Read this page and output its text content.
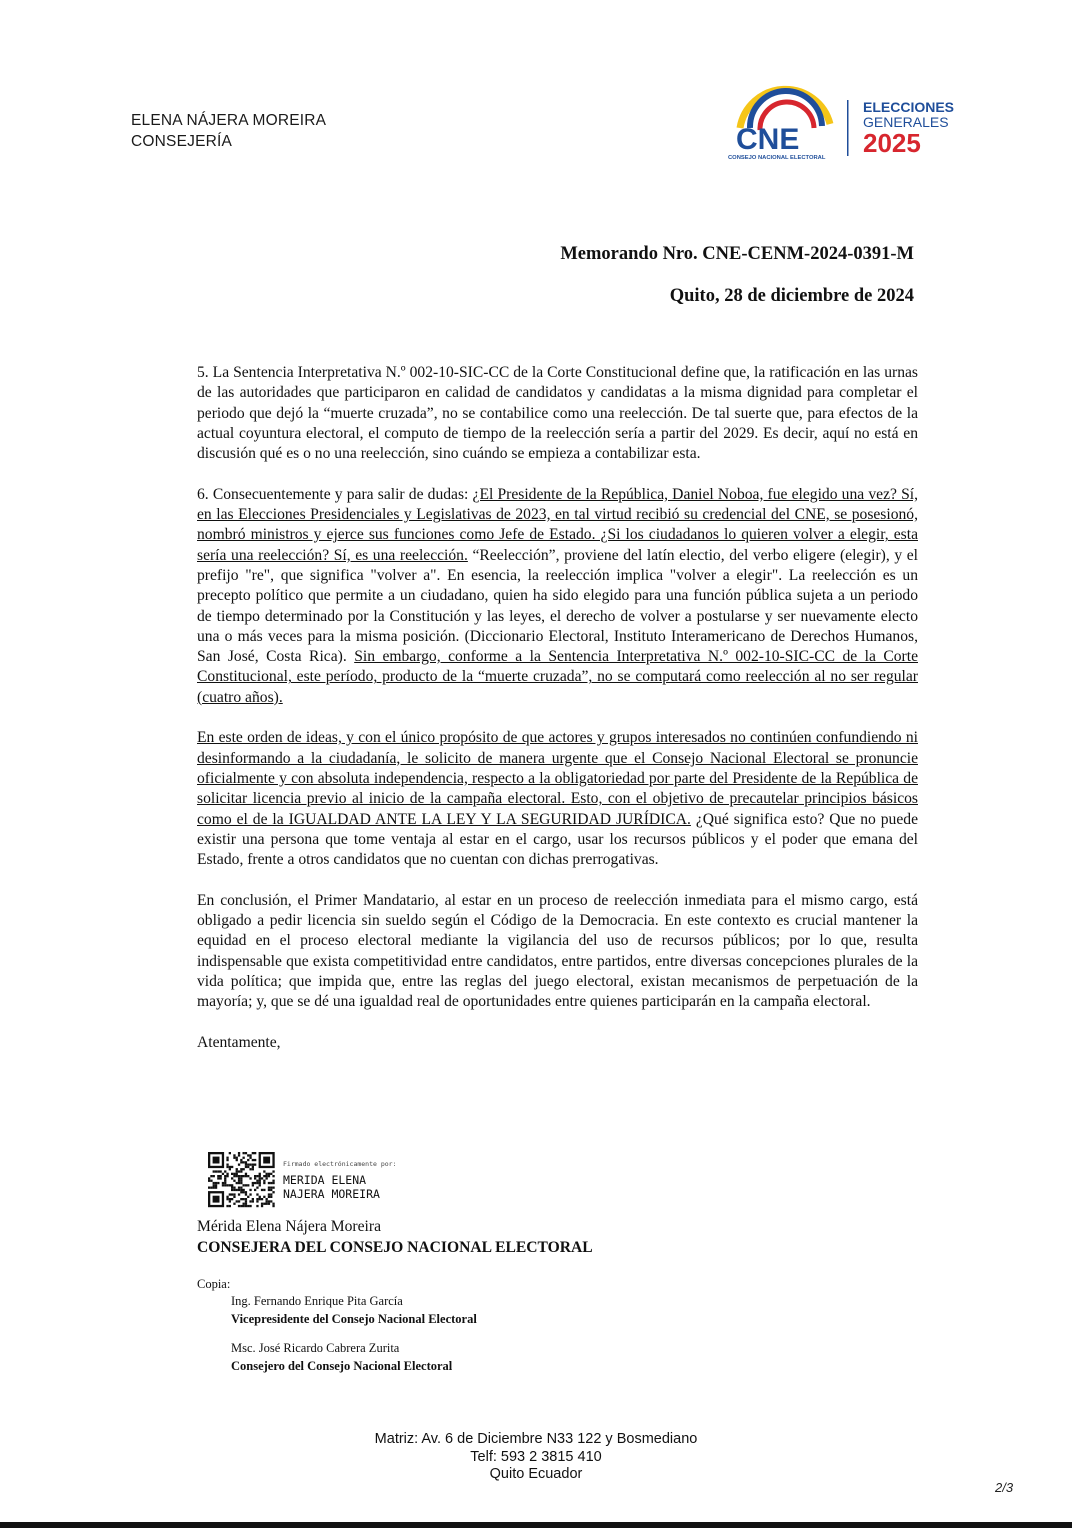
ELENA NÁJERA MOREIRA
CONSEJERÍA	CNE
CONSEJO NACIONAL ELECTORAL
ELECCIONES
GENERALES
2025
Memorando Nro. CNE-CENM-2024-0391-M
Quito, 28 de diciembre de 2024

5. La Sentencia Interpretativa N.º 002-10-SIC-CC de la Corte Constitucional define que, la ratificación en las urnas de las autoridades que participaron en calidad de candidatos y candidatas a la misma dignidad para completar el periodo que dejó la “muerte cruzada”, no se contabilice como una reelección. De tal suerte que, para efectos de la actual coyuntura electoral, el computo de tiempo de la reelección sería a partir del 2029. Es decir, aquí no está en discusión qué es o no una reelección, sino cuándo se empieza a contabilizar esta.

6. Consecuentemente y para salir de dudas: ¿El Presidente de la República, Daniel Noboa, fue elegido una vez? Sí, en las Elecciones Presidenciales y Legislativas de 2023, en tal virtud recibió su credencial del CNE, se posesionó, nombró ministros y ejerce sus funciones como Jefe de Estado. ¿Si los ciudadanos lo quieren volver a elegir, esta sería una reelección? Sí, es una reelección. “Reelección”, proviene del latín electio, del verbo eligere (elegir), y el prefijo "re", que significa "volver a". En esencia, la reelección implica "volver a elegir". La reelección es un precepto político que permite a un ciudadano, quien ha sido elegido para una función pública sujeta a un periodo de tiempo determinado por la Constitución y las leyes, el derecho de volver a postularse y ser nuevamente electo una o más veces para la misma posición. (Diccionario Electoral, Instituto Interamericano de Derechos Humanos, San José, Costa Rica). Sin embargo, conforme a la Sentencia Interpretativa N.º 002-10-SIC-CC de la Corte Constitucional, este período, producto de la “muerte cruzada”, no se computará como reelección al no ser regular (cuatro años).

En este orden de ideas, y con el único propósito de que actores y grupos interesados no continúen confundiendo ni desinformando a la ciudadanía, le solicito de manera urgente que el Consejo Nacional Electoral se pronuncie oficialmente y con absoluta independencia, respecto a la obligatoriedad por parte del Presidente de la República de solicitar licencia previo al inicio de la campaña electoral. Esto, con el objetivo de precautelar principios básicos como el de la IGUALDAD ANTE LA LEY Y LA SEGURIDAD JURÍDICA. ¿Qué significa esto? Que no puede existir una persona que tome ventaja al estar en el cargo, usar los recursos públicos y el poder que emana del Estado, frente a otros candidatos que no cuentan con dichas prerrogativas.

En conclusión, el Primer Mandatario, al estar en un proceso de reelección inmediata para el mismo cargo, está obligado a pedir licencia sin sueldo según el Código de la Democracia. En este contexto es crucial mantener la equidad en el proceso electoral mediante la vigilancia del uso de recursos públicos; por lo que, resulta indispensable que exista competitividad entre candidatos, entre partidos, entre diversas concepciones plurales de la vida política; que impida que, entre las reglas del juego electoral, existan mecanismos de perpetuación de la mayoría; y, que se dé una igualdad real de oportunidades entre quienes participarán en la campaña electoral.

Atentamente,

Firmado electrónicamente por:
MERIDA ELENA
NAJERA MOREIRA
Mérida Elena Nájera Moreira
CONSEJERA DEL CONSEJO NACIONAL ELECTORAL
Copia:
Ing. Fernando Enrique Pita García
Vicepresidente del Consejo Nacional Electoral
Msc. José Ricardo Cabrera Zurita
Consejero del Consejo Nacional Electoral
Matriz: Av. 6 de Diciembre N33 122 y Bosmediano
Telf: 593 2 3815 410
Quito Ecuador
2/3
